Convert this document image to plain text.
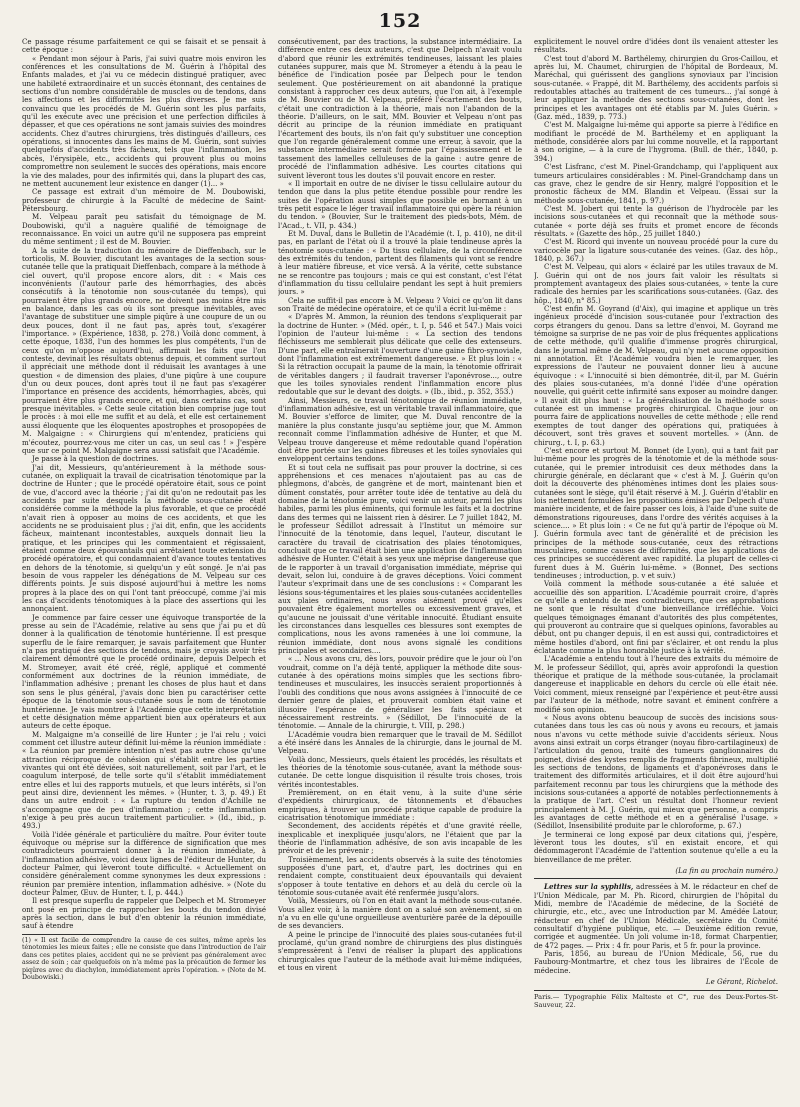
152

Ce passage résume parfaitement ce qui se faisait et se pensait à cette époque :

« Pendant mon séjour à Paris, j'ai suivi quatre mois environ les conférences et les consultations de M. Guérin à l'hôpital des Enfants malades, et j'ai vu ce médecin distingué pratiquer, avec une habileté extraordinaire et un succès étonnant, des centaines de sections d'un nombre considérable de muscles ou de tendons, dans les affections et les difformités les plus diverses. Je me suis convaincu que les procédés de M. Guérin sont les plus parfaits, qu'il les exécute avec une précision et une perfection difficiles à dépasser, et que ces opérations ne sont jamais suivies des moindres accidents. Chez d'autres chirurgiens, très distingués d'ailleurs, ces opérations, si innocentes dans les mains de M. Guérin, sont suivies quelquefois d'accidents très fâcheux, tels que l'inflammation, les abcès, l'érysipèle, etc., accidents qui prouvent plus ou moins compromettre non seulement le succès des opérations, mais encore la vie des malades, pour des infirmités qui, dans la plupart des cas, ne mettent aucunement leur existence en danger (1)... »

Ce passage est extrait d'un mémoire de M. Doubowiski, professeur de chirurgie à la Faculté de médecine de Saint-Pétersbourg.

M. Velpeau paraît peu satisfait du témoignage de M. Doubowiski, qu'il a naguère qualifié de témoignage de reconnaissance. En voici un autre qu'il ne supposera pas empreint du même sentiment ; il est de M. Bouvier.

A la suite de la traduction du mémoire de Dieffenbach, sur le torticolis, M. Bouvier, discutant les avantages de la section sous-cutanée telle que la pratiquait Dieffenbach, compare à la méthode à ciel ouvert, qu'il propose encore alors, dit : « Mais ces inconvénients (l'autour parle des hémorrhagies, des abcès consécutifs à la ténotomie non sous-cutanée du temps), qui pourraient être plus grands encore, ne doivent pas moins être mis en balance, dans les cas où ils sont presque inévitables, avec l'avantage de substituer une simple piqûre à une coupure de un ou deux pouces, dont il ne faut pas, après tout, s'exagérer l'importance. » (Expérience, 1838, p. 278.) Voilà donc comment, à cette époque, 1838, l'un des hommes les plus compétents, l'un de ceux qu'on m'oppose aujourd'hui, affirmait les faits que l'on conteste, devinait les résultats obtenus depuis, et comment surtout il appréciait une méthode dont il réduisait les avantages à une question « de dimension des plaies, d'une piqûre à une coupure d'un ou deux pouces, dont après tout il ne faut pas s'exagérer l'importance en présence des accidents, hémorrhagies, abcès, qui pourraient être plus grands encore, et qui, dans certains cas, sont presque inévitables. » Cette seule citation bien comprise juge tout le procès : à moi elle me suffit et au delà, et elle est certainement aussi éloquente que les éloquentes apostrophes et prosopopées de M. Malgaigne : « Chirurgiens qui m'entendez, praticiens qui m'écoutez, pourrez-vous me citer un cas, un seul cas ! » J'espère que sur ce point M. Malgaigne sera aussi satisfait que l'Académie.

Je passe à la question de doctrines.

J'ai dit, Messieurs, qu'antérieurement à la méthode sous-cutanée, on expliquait la travail de cicatrisation ténotomique par la doctrine de Hunter ; que le procédé opératoire était, sous ce point de vue, d'accord avec la théorie ; j'ai dit qu'on ne redoutait pas les accidents par suite desquels la méthode sous-cutanée était considérée comme la méthode la plus favorable, et que ce procédé n'avait rien à opposer au moins de ces accidents, et que les accidents ne se produisaient plus ; j'ai dit, enfin, que les accidents fâcheux, maintenant incontestables, auxquels donnait lieu la pratique, et les principes qui les commentaient et régissaient, étaient comme deux épouvantails qui arrêtaient toute extension du procédé opératoire, et qui condamnaient d'avance toutes tentatives en dehors de la ténotomie, si quelqu'un y eût songé. Je n'ai pas besoin de vous rappeler les dénégations de M. Velpeau sur ces différents points. Je suis disposé aujourd'hui à mettre les noms propres à la place des on qui l'ont tant préoccupé, comme j'ai mis les cas d'accidents ténotomiques à la place des assertions qui les annonçaient.

Je commence par faire cesser une équivoque transportée de la presse au sein de l'Académie, relative au sens que j'ai pu et dû donner à la qualification de ténotomie huntérienne. Il est presque superflu de le faire remarquer, je savais parfaitement que Hunter n'a pas pratiqué des sections de tendons, mais je croyais avoir très clairement démontré que le procédé ordinaire, depuis Delpech et M. Stromeyer, avait été créé, réglé, appliqué et commenté conformément aux doctrines de la réunion immédiate, de l'inflammation adhésive ; prenant les choses de plus haut et dans son sens le plus général, j'avais donc bien pu caractériser cette époque de la ténotomie sous-cutanée sous le nom de ténotomie huntérienne. Je vais montrer à l'Académie que cette interprétation et cette désignation même appartient bien aux opérateurs et aux auteurs de cette époque.

M. Malgaigne m'a conseillé de lire Hunter ; je l'ai relu ; voici comment cet illustre auteur définit lui-même la réunion immédiate : « La réunion par première intention n'est pas autre chose qu'une attraction réciproque de cohésion qui s'établit entre les parties vivantes qui ont été déviées, soit naturellement, soit par l'art, et le coagulum interposé, de telle sorte qu'il s'établit immédiatement entre elles et lui des rapports mutuels, et que leurs intérêts, si l'on peut ainsi dire, deviennent les mêmes. » (Hunter, t. 3, p. 49.) Et dans un autre endroit : « La rupture du tendon d'Achille ne s'accompagne que de peu d'inflammation ; cette inflammation n'exige à peu près aucun traitement particulier. » (Id., ibid., p. 493.)

Voilà l'idée générale et particulière du maître. Pour éviter toute équivoque ou méprise sur la différence de signification que mes contradicteurs pourraient donner à la réunion immédiate, à l'inflammation adhésive, voici deux lignes de l'éditeur de Hunter, du docteur Palmer, qui lèveront toute difficulté. « Actuellement on considère généralement comme synonymes les deux expressions : réunion par première intention, inflammation adhésive. » (Note du docteur Palmer, Œuv. de Hunter, t. I, p. 444.)

Il est presque superflu de rappeler que Delpech et M. Stromeyer ont posé en principe de rapprocher les bouts du tendon divisé après la section, dans le but d'en obtenir la réunion immédiate, sauf à étendre

(1) « Il est facile de comprendre la cause de ces suites, même après les ténotomies les mieux faites ; elle ne consiste que dans l'introduction de l'air dans ces petites plaies, accident qui ne se prévient pas généralement avec assez de soin ; car quelquefois on n'a même pas la précaution de fermer les piqûres avec du diachylon, immédiatement après l'opération. » (Note de M. Doubowiski.)

consécutivement, par des tractions, la substance intermédiaire. La différence entre ces deux auteurs, c'est que Delpech n'avait voulu d'abord que réunir les extrémités tendineuses, laissant les plaies cutanées suppurer, mais que M. Stromeyer a étendu à la peau le bénéfice de l'indication posée par Delpech pour le tendon seulement. Que postérieurement on ait abandonné la pratique consistant à rapprocher ces deux auteurs, que l'on ait, à l'exemple de M. Bouvier ou de M. Velpeau, préféré l'écartement des bouts, c'était une contradiction à la théorie, mais non l'abandon de la théorie. D'ailleurs, on le sait, MM. Bouvier et Velpeau n'ont pas décrit au principe de la réunion immédiate en pratiquant l'écartement des bouts, ils n'on fait qu'y substituer une conception que l'on regarde généralement comme une erreur, à savoir, que la substance intermédiaire serait formée par l'épaississement et le tassement des lamelles celluleuses de la gaine : autre genre de procédé de l'inflammation adhésive. Les courtes citations qui suivent lèveront tous les doutes s'il pouvait encore en rester.

« Il importait en outre de ne diviser le tissu cellulaire autour du tendon que dans la plus petite étendue possible pour rendre les suites de l'opération aussi simples que possible en bornant à un très petit espace le léger travail inflammatoire qui opère la réunion du tendon. » (Bouvier, Sur le traitement des pieds-bots, Mém. de l'Acad., t. VII, p. 434.)

Et M. Duval, dans le Bulletin de l'Académie (t. I, p. 410), ne dit-il pas, en parlant de l'état où il a trouvé la plaie tendineuse après la ténotomie sous-cutanée : « Du tissu cellulaire, de la circonférence des extrémités du tendon, partent des filaments qui vont se rendre à leur matière fibreuse, et vice versâ. A la vérité, cette substance ne se rencontre pas toujours ; mais ce qui est constant, c'est l'état d'inflammation du tissu cellulaire pendant les sept à huit premiers jours. »

Cela ne suffit-il pas encore à M. Velpeau ? Voici ce qu'on lit dans son Traité de médecine opératoire, et ce qu'il a écrit lui-même :

« D'après M. Ammon, la réunion des tendons s'expliquerait par la doctrine de Hunter. » (Méd. opér., t. I, p. 546 et 547.) Mais voici l'opinion de l'auteur lui-même : « La section des tendons fléchisseurs me semblerait plus délicate que celle des extenseurs. D'une part, elle entraînerait l'ouverture d'une gaine fibro-synoviale, dont l'inflammation est extrêmement dangereuse. » Et plus loin : « Si la rétraction occupait la paume de la main, la ténotomie offrirait de véritables dangers ; il faudrait traverser l'aponévrose..., outre que les toiles synoviales rendent l'inflammation encore plus redoutable que sur le devant des doigts. » (Ib., ibid., p. 352, 353.)

Ainsi, Messieurs, ce travail ténotomique de réunion immédiate, d'inflammation adhésive, est un véritable travail inflammatoire, que M. Bouvier s'efforce de limiter, que M. Duval rencontre de la manière la plus constante jusqu'au septième jour, que M. Ammon reconnaît comme l'inflammation adhésive de Hunter, et que M. Velpeau trouve dangereuse et même redoutable quand l'opération doit être portée sur les gaines fibreuses et les toiles synoviales qui enveloppent certains tendons.

Et si tout cela ne suffisait pas pour prouver la doctrine, si ces appréhensions et ces menaces n'ajoutaient pas au cas de phlegmons, d'abcès, de gangrène et de mort, maintenant bien et dûment constatés, pour arrêter toute idée de tentative au delà du domaine de la ténotomie pure, voici venir un auteur, parmi les plus habiles, parmi les plus éminents, qui formule les faits et la doctrine dans des termes qui ne laissent rien à désirer. Le 7 juillet 1842, M. le professeur Sédillot adressait à l'Institut un mémoire sur l'innocuité de la ténotomie, dans lequel, l'auteur, discutant le caractère du travail de cicatrisation des plaies ténotomiques, concluait que ce travail était bien une application de l'inflammation adhésive de Hunter. C'était à ses yeux une méprise dangereuse que de le rapporter à un travail d'organisation immédiate, méprise qui devait, selon lui, conduire à de graves déceptions. Voici comment l'auteur s'exprimait dans une de ses conclusions : « Comparant les lésions sous-tégumentaires et les plaies sous-cutanées accidentelles aux plaies ordinaires, nous avons aisément prouvé qu'elles pouvaient être également mortelles ou excessivement graves, et qu'aucune ne jouissait d'une véritable innocuité. Étudiant ensuite les circonstances dans lesquelles ces blessures sont exemptes de complications, nous les avons ramenées à une loi commune, la réunion immédiate, dont nous avons signalé les conditions principales et secondaires....

« ... Nous avons cru, dès lors, pouvoir prédire que le jour où l'on voudrait, comme on l'a déjà tenté, appliquer la méthode dite sous-cutanée à des opérations moins simples que les sections fibro-tendineuses et musculaires, les insuccès seraient proportionnés à l'oubli des conditions que nous avons assignées à l'innocuité de ce dernier genre de plaies, et prouverait combien était vaine et illusoire l'espérance de généraliser les faits spéciaux et nécessairement restreints. » (Sédillot, De l'innocuité de la ténotomie. — Annale de la chirurgie, t. VIII, p. 298.)

L'Académie voudra bien remarquer que le travail de M. Sédillot a été inséré dans les Annales de la chirurgie, dans le journal de M. Velpeau.

Voilà donc, Messieurs, quels étaient les procédés, les résultats et les théories de la ténotomie sous-cutanée, avant la méthode sous-cutanée. De cette longue disquisition il résulte trois choses, trois vérités incontestables.

Premièrement, on en était venu, à la suite d'une série d'expédients chirurgicaux, de tâtonnements et d'ébauches empiriques, à trouver un procédé pratique capable de produire la cicatrisation ténotomique immédiate :

Secondement, des accidents répétés et d'une gravité réelle, inexplicable et inexpliquée jusqu'alors, ne l'étaient que par la théorie de l'inflammation adhésive, de son avis incapable de les prévoir et de les prévenir ;

Troisièmement, les accidents observés à la suite des ténotomies supposées d'une part, et, d'autre part, les doctrines qui en rendaient compte, constituaient deux épouvantails qui devaient s'opposer à toute tentative en dehors et au delà du cercle où la ténotomie sous-cutanée avait été renfermée jusqu'alors.

Voilà, Messieurs, où l'on en était avant la méthode sous-cutanée. Vous allez voir, à la manière dont on a salué son avènement, si on n'a vu en elle qu'une orgueilleuse aventurière parée de la dépouille de ses devanciers.

A peine le principe de l'innocuité des plaies sous-cutanées fut-il proclamé, qu'un grand nombre de chirurgiens des plus distingués s'empressèrent à l'envi de réaliser la plupart des applications chirurgicales que l'auteur de la méthode avait lui-même indiquées, et tous en virent

explicitement le nouvel ordre d'idées dont ils venaient attester les résultats.

C'est tout d'abord M. Barthélemy, chirurgien du Gros-Caillou, et après lui, M. Chaumet, chirurgien de l'hôpital de Bordeaux, M. Maréchal, qui guérissent des ganglions synoviaux par l'incision sous-cutanée. « Frappé, dit M. Barthélemy, des accidents parfois si redoutables attachés au traitement de ces tumeurs... j'ai songé à leur appliquer la méthode des sections sous-cutanées, dont les principes et les avantages ont été établis par M. Jules Guérin. » (Gaz. méd., 1839, p. 773.)

C'est M. Malgaigne lui-même qui apporte sa pierre à l'édifice en modifiant le procédé de M. Barthélemy et en appliquant la méthode, considérée alors par lui comme nouvelle, et la rapportant à son origine, — à la cure de l'hygroma. (Bull. de thér., 1840, p. 394.)

C'est Lisfranc, c'est M. Pinel-Grandchamp, qui l'appliquent aux tumeurs articulaires considérables : M. Pinel-Grandchamp dans un cas grave, chez le gendre de sir Henry, malgré l'opposition et le pronostic fâcheux de MM. Blandin et Velpeau. (Essai sur la méthode sous-cutanée, 1841, p. 97.)

C'est M. Jobert qui tente la guérison de l'hydrocèle par les incisions sous-cutanées et qui reconnaît que la méthode sous-cutanée « porte déjà ses fruits et promet encore de féconds résultats. » (Gazette des hôp., 25 juillet 1840.)

C'est M. Ricord qui invente un nouveau procédé pour la cure du varicocèle par la ligature sous-cutanée des veines. (Gaz. des hôp., 1840, p. 367.)

C'est M. Velpeau, qui alors « éclairé par les utiles travaux de M. J. Guérin qui ont de nos jours fait valoir les résultats si promptement avantageux des plaies sous-cutanées, » tente la cure radicale des hernies par les scarifications sous-cutanées. (Gaz. des hôp., 1840, n° 85.)

C'est enfin M. Goyrand (d'Aix), qui imagine et applique un très ingénieux procédé d'incision sous-cutanée pour l'extraction des corps étrangers du genou. Dans sa lettre d'envoi, M. Goyrand me témoigne sa surprise de ne pas voir de plus fréquentes applications de cette méthode, qu'il qualifie d'immense progrès chirurgical, dans le journal même de M. Velpeau, qui n'y met aucune opposition ni annotation. Et l'Académie voudra bien le remarquer, les expressions de l'auteur ne pouvaient donner lieu à aucune équivoque : « L'innocuité si bien démontrée, dit-il, par M. Guérin des plaies sous-cutanées, m'a donné l'idée d'une opération nouvelle, qui guérit cette infirmité sans exposer au moindre danger. » Il avait dit plus haut : « La généralisation de la méthode sous-cutanée est un immense progrès chirurgical. Chaque jour on pourra faire de applications nouvelles de cette méthode ; elle rend exemptes de tout danger des opérations qui, pratiquées à découvert, sont très graves et souvent mortelles. » (Ann. de chirurg., t. I, p. 63.)

C'est encore et surtout M. Bonnet (de Lyon), qui a tant fait par lui-même pour les progrès de la ténotomie et de la méthode sous-cutanée, qui le premier introduisit ces deux méthodes dans la chirurgie générale, en déclarant que « c'est à M. J. Guérin qu'on doit la découverte des phénomènes intimes dont les plaies sous-cutanées sont le siège, qu'il était réservé à M. J. Guérin d'établir en lois nettement formulées les propositions émises par Delpech d'une manière incidente, et de faire passer ces lois, à l'aide d'une suite de démonstrations rigoureuses, dans l'ordre des vérités acquises à la science.... » Et plus loin : « Ce ne fut qu'à partir de l'époque où M. J. Guérin formula avec tant de généralité et de précision les principes de la méthode sous-cutanée, ceux des rétractions musculaires, comme causes de difformités, que les applications de ces principes se succédèrent avec rapidité. La plupart de celles-ci furent dues à M. Guérin lui-même. » (Bonnet, Des sections tendineuses ; introduction, p. v et suiv.)

Voilà comment la méthode sous-cutanée a été saluée et accueillie dès son apparition. L'Académie pourrait croire, d'après ce qu'elle a entendu de mes contradicteurs, que ces approbations ne sont que le résultat d'une bienveillance irréfléchie. Voici quelques témoignages émanant d'autorités des plus compétentes, qui prouveront au contraire que si quelques opinions, favorables au début, ont pu changer depuis, il en est aussi qui, contradictoires et même hostiles d'abord, ont fini par s'éclairer, et ont rendu la plus éclatante comme la plus honorable justice à la vérité.

L'Académie a entendu tout à l'heure des extraits du mémoire de M. le professeur Sédillot, qui, après avoir approfondi la question théorique et pratique de la méthode sous-cutanée, la proclamait dangereuse et inapplicable en dehors du cercle où elle était née. Voici comment, mieux renseigné par l'expérience et peut-être aussi par l'auteur de la méthode, notre savant et éminent confrère a modifié son opinion.

« Nous avons obtenu beaucoup de succès des incisions sous-cutanées dans tous les cas où nous y avons eu recours, et jamais nous n'avons vu cette méthode suivie d'accidents sérieux. Nous avons ainsi extrait un corps étranger (noyau fibro-cartilagineux) de l'articulation du genou, traité des tumeurs ganglionnaires du poignet, divisé des kystes remplis de fragments fibrineux, multiplié les sections de tendons, de ligaments et d'aponévroses dans le traitement des difformités articulaires, et il doit être aujourd'hui parfaitement reconnu par tous les chirurgiens que la méthode des incisions sous-cutanées a apporté de notables perfectionnements à la pratique de l'art. C'est un résultat dont l'honneur revient principalement à M. J. Guérin, qui mieux que personne, a compris les avantages de cette méthode et en a généralisé l'usage. » (Sédillot, Insensibilité produite par le chloroforme, p. 67.)

Je terminerai ce long exposé par deux citations qui, j'espère, lèveront tous les doutes, s'il en existait encore, et qui dédommageront l'Académie de l'attention soutenue qu'elle a eu la bienveillance de me prêter.

(La fin au prochain numéro.)

Lettres sur la syphilis, adressées à M. le rédacteur en chef de l'Union Médicale, par M. Ph. Ricord, chirurgien de l'hôpital du Midi, membre de l'Académie de médecine, de la Société de chirurgie, etc., etc., avec une Introduction par M. Amédée Latour, rédacteur en chef de l'Union Médicale, secrétaire du Comité consultatif d'hygiène publique, etc. — Deuxième édition revue, corrigée et augmentée. Un joli volume in-18, format Charpentier, de 472 pages. — Prix : 4 fr. pour Paris, et 5 fr. pour la province.

Paris, 1856, au bureau de l'Union Médicale, 56, rue du Faubourg-Montmartre, et chez tous les libraires de l'École de médecine.

Le Gérant, Richelot.

Paris.— Typographie Félix Malteste et C°, rue des Deux-Portes-St-Sauveur, 22.
